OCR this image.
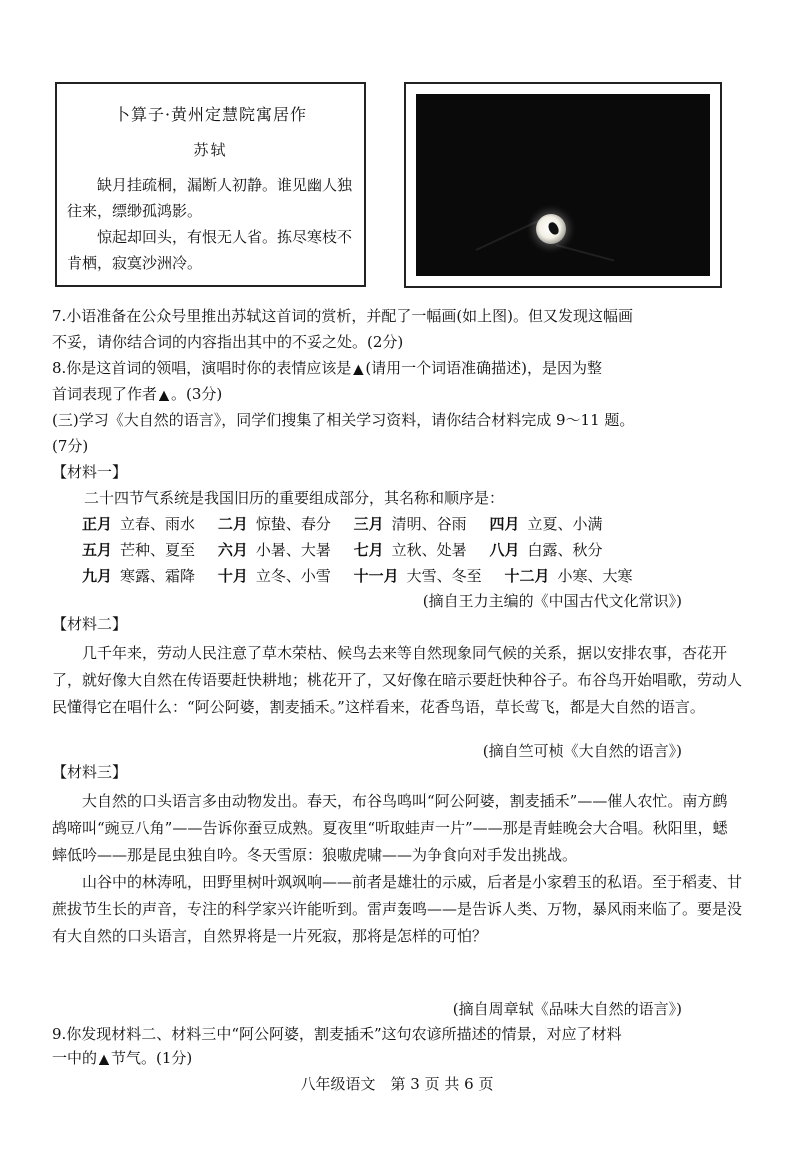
卜算子·黄州定慧院寓居作
苏轼

缺月挂疏桐，漏断人初静。谁见幽人独往来，缥缈孤鸿影。

惊起却回头，有恨无人省。拣尽寒枝不肯栖，寂寞沙洲冷。

7.小语准备在公众号里推出苏轼这首词的赏析，并配了一幅画(如上图)。但又发现这幅画
不妥，请你结合词的内容指出其中的不妥之处。(2分)
8.你是这首词的领唱，演唱时你的表情应该是 ▲ (请用一个词语准确描述)，是因为整
首词表现了作者 ▲ 。(3分)
(三)学习《大自然的语言》，同学们搜集了相关学习资料，请你结合材料完成 9～11 题。
(7分)
【材料一】
二十四节气系统是我国旧历的重要组成部分，其名称和顺序是：
正月 立春、雨水 二月 惊蛰、春分 三月 清明、谷雨 四月 立夏、小满
五月 芒种、夏至 六月 小暑、大暑 七月 立秋、处暑 八月 白露、秋分
九月 寒露、霜降 十月 立冬、小雪 十一月 大雪、冬至 十二月 小寒、大寒
(摘自王力主编的《中国古代文化常识》)
【材料二】

几千年来，劳动人民注意了草木荣枯、候鸟去来等自然现象同气候的关系，据以安排农事，杏花开了，就好像大自然在传语要赶快耕地；桃花开了，又好像在暗示要赶快种谷子。布谷鸟开始唱歌，劳动人民懂得它在唱什么：“阿公阿婆，割麦插禾。”这样看来，花香鸟语，草长莺飞，都是大自然的语言。

(摘自竺可桢《大自然的语言》)
【材料三】

大自然的口头语言多由动物发出。春天，布谷鸟鸣叫“阿公阿婆，割麦插禾”——催人农忙。南方鹧鸪啼叫“豌豆八角”——告诉你蚕豆成熟。夏夜里“听取蛙声一片”——那是青蛙晚会大合唱。秋阳里，蟋蟀低吟——那是昆虫独自吟。冬天雪原：狼嗷虎啸——为争食向对手发出挑战。

山谷中的林涛吼，田野里树叶飒飒响——前者是雄壮的示威，后者是小家碧玉的私语。至于稻麦、甘蔗拔节生长的声音，专注的科学家兴许能听到。雷声轰鸣——是告诉人类、万物，暴风雨来临了。要是没有大自然的口头语言，自然界将是一片死寂，那将是怎样的可怕？

(摘自周章轼《品味大自然的语言》)
9.你发现材料二、材料三中“阿公阿婆，割麦插禾”这句农谚所描述的情景，对应了材料
一中的 ▲ 节气。(1分)
八年级语文　第 3 页 共 6 页
